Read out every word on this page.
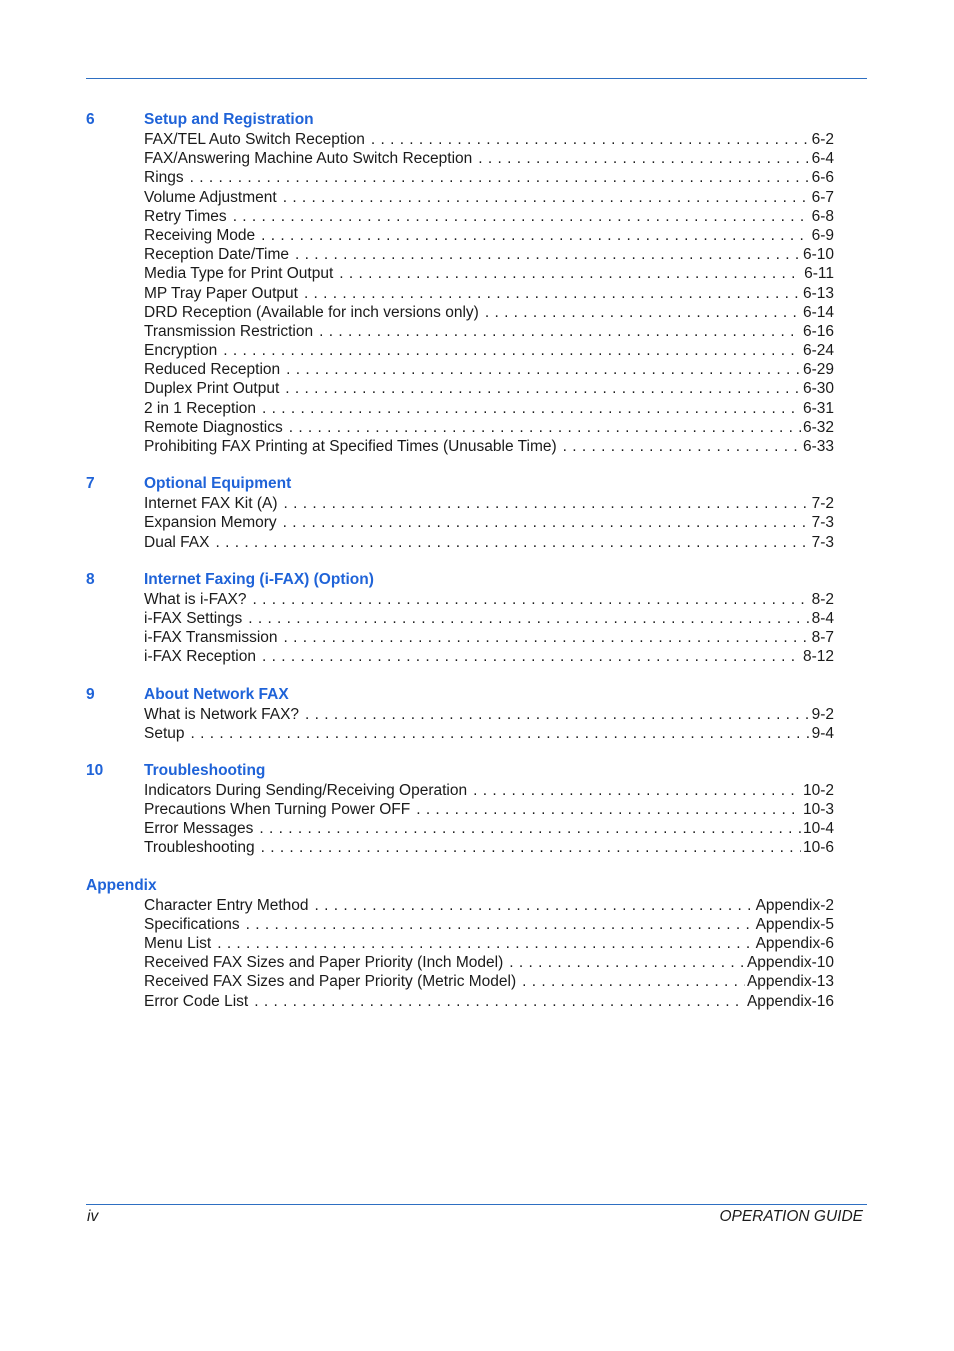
6	Setup and Registration
FAX/TEL Auto Switch Reception . . .	6-2
FAX/Answering Machine Auto Switch Reception . . .	6-4
Rings . . .	6-6
Volume Adjustment . . .	6-7
Retry Times . . .	6-8
Receiving Mode . . .	6-9
Reception Date/Time . . .	6-10
Media Type for Print Output . . .	6-11
MP Tray Paper Output . . .	6-13
DRD Reception (Available for inch versions only) . . .	6-14
Transmission Restriction . . .	6-16
Encryption . . .	6-24
Reduced Reception . . .	6-29
Duplex Print Output . . .	6-30
2 in 1 Reception . . .	6-31
Remote Diagnostics . . .	6-32
Prohibiting FAX Printing at Specified Times (Unusable Time) . . .	6-33
7	Optional Equipment
Internet FAX Kit (A) . . .	7-2
Expansion Memory . . .	7-3
Dual FAX . . .	7-3
8	Internet Faxing (i-FAX) (Option)
What is i-FAX? . . .	8-2
i-FAX Settings . . .	8-4
i-FAX Transmission . . .	8-7
i-FAX Reception . . .	8-12
9	About Network FAX
What is Network FAX? . . .	9-2
Setup . . .	9-4
10	Troubleshooting
Indicators During Sending/Receiving Operation . . .	10-2
Precautions When Turning Power OFF . . .	10-3
Error Messages . . .	10-4
Troubleshooting . . .	10-6
Appendix
Character Entry Method . . .	Appendix-2
Specifications . . .	Appendix-5
Menu List . . .	Appendix-6
Received FAX Sizes and Paper Priority (Inch Model) . . .	Appendix-10
Received FAX Sizes and Paper Priority (Metric Model) . . .	Appendix-13
Error Code List . . .	Appendix-16
iv	OPERATION GUIDE
